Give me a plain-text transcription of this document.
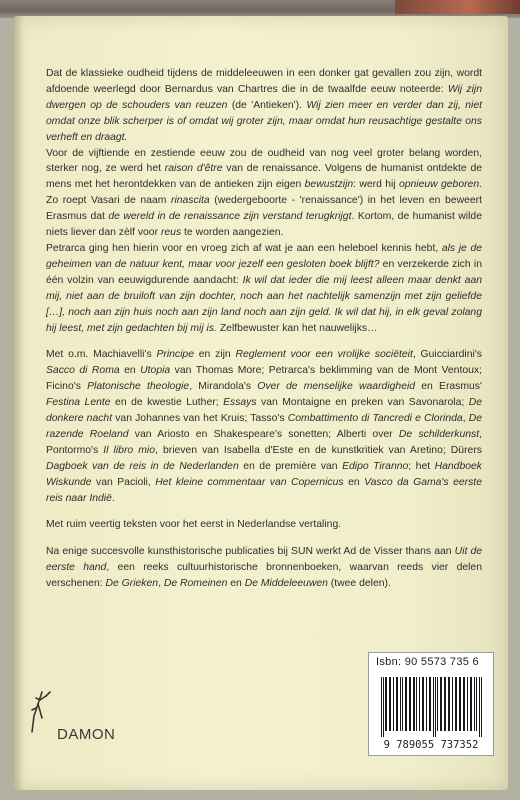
Dat de klassieke oudheid tijdens de middeleeuwen in een donker gat gevallen zou zijn, wordt afdoende weerlegd door Bernardus van Chartres die in de twaalfde eeuw noteerde: Wij zijn dwergen op de schouders van reuzen (de 'Antieken'). Wij zien meer en verder dan zij, niet omdat onze blik scherper is of omdat wij groter zijn, maar omdat hun reusachtige gestalte ons verheft en draagt.

Voor de vijftiende en zestiende eeuw zou de oudheid van nog veel groter belang worden, sterker nog, ze werd het raison d'être van de renaissance. Volgens de humanist ontdekte de mens met het herontdekken van de antieken zijn eigen bewustzijn: werd hij opnieuw geboren. Zo roept Vasari de naam rinascita (wedergeboorte - 'renaissance') in het leven en beweert Erasmus dat de wereld in de renaissance zijn verstand terugkrijgt. Kortom, de humanist wilde niets liever dan zèlf voor reus te worden aangezien.

Petrarca ging hen hierin voor en vroeg zich af wat je aan een heleboel kennis hebt, als je de geheimen van de natuur kent, maar voor jezelf een gesloten boek blijft? en verzekerde zich in één volzin van eeuwigdurende aandacht: Ik wil dat ieder die mij leest alleen maar denkt aan mij, niet aan de bruiloft van zijn dochter, noch aan het nachtelijk samenzijn met zijn geliefde […], noch aan zijn huis noch aan zijn land noch aan zijn geld. Ik wil dat hij, in elk geval zolang hij leest, met zijn gedachten bij mij is. Zelfbewuster kan het nauwelijks…

Met o.m. Machiavelli's Principe en zijn Reglement voor een vrolijke sociëteit, Guicciardini's Sacco di Roma en Utopia van Thomas More; Petrarca's beklimming van de Mont Ventoux; Ficino's Platonische theologie, Mirandola's Over de menselijke waardigheid en Erasmus' Festina Lente en de kwestie Luther; Essays van Montaigne en preken van Savonarola; De donkere nacht van Johannes van het Kruis; Tasso's Combattimento di Tancredi e Clorinda, De razende Roeland van Ariosto en Shakespeare's sonetten; Alberti over De schilderkunst, Pontormo's Il libro mio, brieven van Isabella d'Este en de kunstkritiek van Aretino; Dürers Dagboek van de reis in de Nederlanden en de première van Edipo Tiranno; het Handboek Wiskunde van Pacioli, Het kleine commentaar van Copernicus en Vasco da Gama's eerste reis naar Indië.

Met ruim veertig teksten voor het eerst in Nederlandse vertaling.

Na enige succesvolle kunsthistorische publicaties bij SUN werkt Ad de Visser thans aan Uit de eerste hand, een reeks cultuurhistorische bronnenboeken, waarvan reeds vier delen verschenen: De Grieken, De Romeinen en De Middeleeuwen (twee delen).

DAMON
Isbn: 90 5573 735 6
9 789055 737352
